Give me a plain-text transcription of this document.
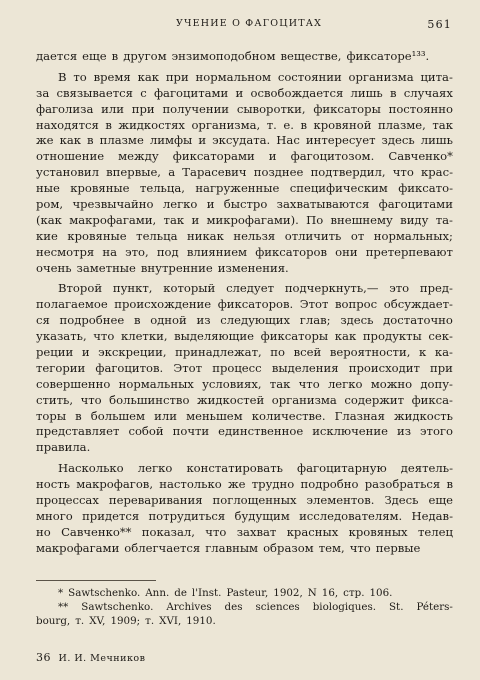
УЧЕНИЕ О ФАГОЦИТАХ	561
дается еще в другом энзимоподобном веществе, фиксаторе¹³³.
В то время как при нормальном состоянии организма цита-
за связывается с фагоцитами и освобождается лишь в случаях
фаголиза или при получении сыворотки, фиксаторы постоянно
находятся в жидкостях организма, т. е. в кровяной плазме, так
же как в плазме лимфы и эксудата. Нас интересует здесь лишь
отношение между фиксаторами и фагоцитозом. Савченко*
установил впервые, а Тарасевич позднее подтвердил, что крас-
ные кровяные тельца, нагруженные специфическим фиксато-
ром, чрезвычайно легко и быстро захватываются фагоцитами
(как макрофагами, так и микрофагами). По внешнему виду та-
кие кровяные тельца никак нельзя отличить от нормальных;
несмотря на это, под влиянием фиксаторов они претерпевают
очень заметные внутренние изменения.
Второй пункт, который следует подчеркнуть,— это пред-
полагаемое происхождение фиксаторов. Этот вопрос обсуждает-
ся подробнее в одной из следующих глав; здесь достаточно
указать, что клетки, выделяющие фиксаторы как продукты сек-
реции и экскреции, принадлежат, по всей вероятности, к ка-
тегории фагоцитов. Этот процесс выделения происходит при
совершенно нормальных условиях, так что легко можно допу-
стить, что большинство жидкостей организма содержит фикса-
торы в большем или меньшем количестве. Глазная жидкость
представляет собой почти единственное исключение из этого
правила.
Насколько легко констатировать фагоцитарную деятель-
ность макрофагов, настолько же трудно подробно разобраться в
процессах переваривания поглощенных элементов. Здесь еще
много придется потрудиться будущим исследователям. Недав-
но Савченко** показал, что захват красных кровяных телец
макрофагами облегчается главным образом тем, что первые
* Sawtschenko. Ann. de l'Inst. Pasteur, 1902, N 16, стр. 106.
** Sawtschenko. Archives des sciences biologiques. St. Péters-
bourg, т. XV, 1909; т. XVI, 1910.
36 И. И. Мечников
